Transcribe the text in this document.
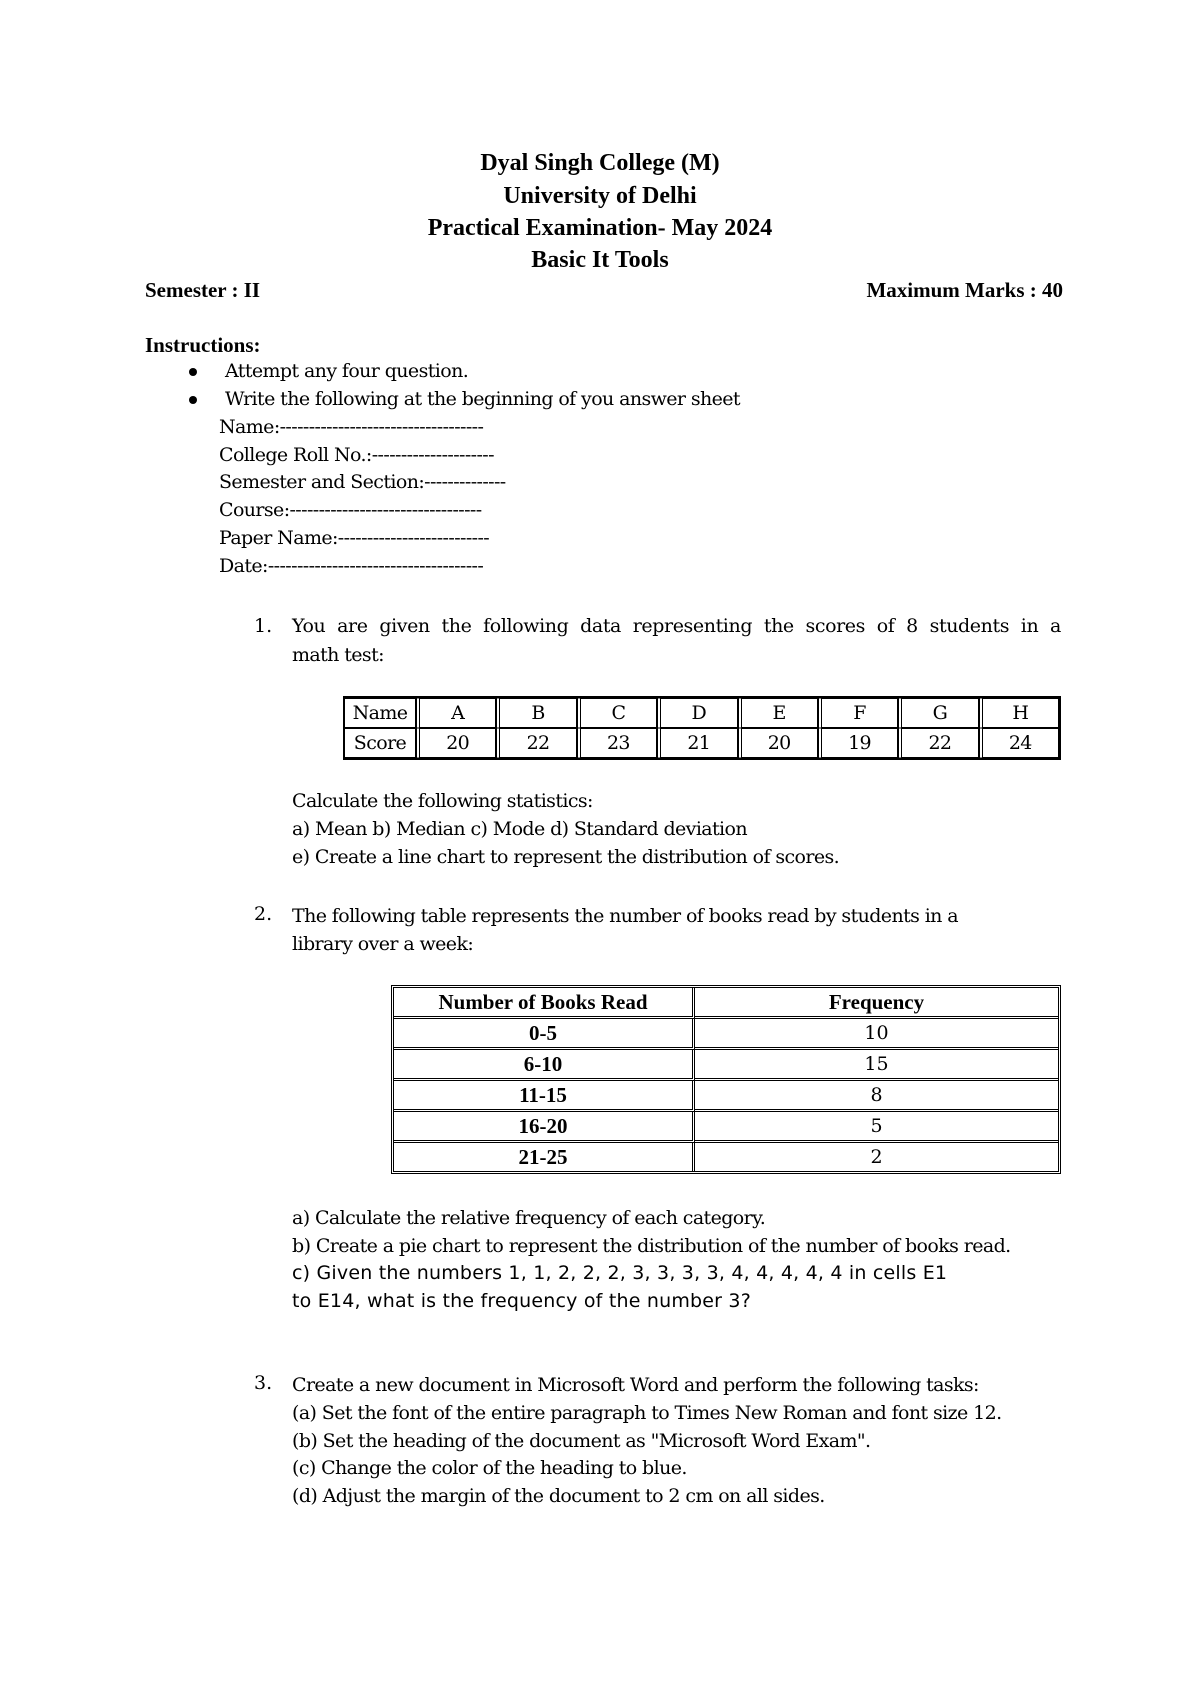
Dyal Singh College (M)
University of Delhi
Practical Examination- May 2024
Basic It Tools
Semester : II	Maximum Marks : 40
Instructions:
Attempt any four question.
Write the following at the beginning of you answer sheet
Name:-----------------------------------
College Roll No.:---------------------
Semester and Section:--------------
Course:---------------------------------
Paper Name:--------------------------
Date:-------------------------------------
1. You are given the following data representing the scores of 8 students in a
math test:
Name	A	B	C	D	E	F	G	H
Score	20	22	23	21	20	19	22	24
Calculate the following statistics:
a) Mean b) Median c) Mode d) Standard deviation
e) Create a line chart to represent the distribution of scores.
2. The following table represents the number of books read by students in a
library over a week:
Number of Books Read	Frequency
0-5	10
6-10	15
11-15	8
16-20	5
21-25	2
a) Calculate the relative frequency of each category.
b) Create a pie chart to represent the distribution of the number of books read.
c) Given the numbers 1, 1, 2, 2, 2, 3, 3, 3, 3, 4, 4, 4, 4, 4 in cells E1
to E14, what is the frequency of the number 3?
3. Create a new document in Microsoft Word and perform the following tasks:
(a) Set the font of the entire paragraph to Times New Roman and font size 12.
(b) Set the heading of the document as "Microsoft Word Exam".
(c) Change the color of the heading to blue.
(d) Adjust the margin of the document to 2 cm on all sides.
